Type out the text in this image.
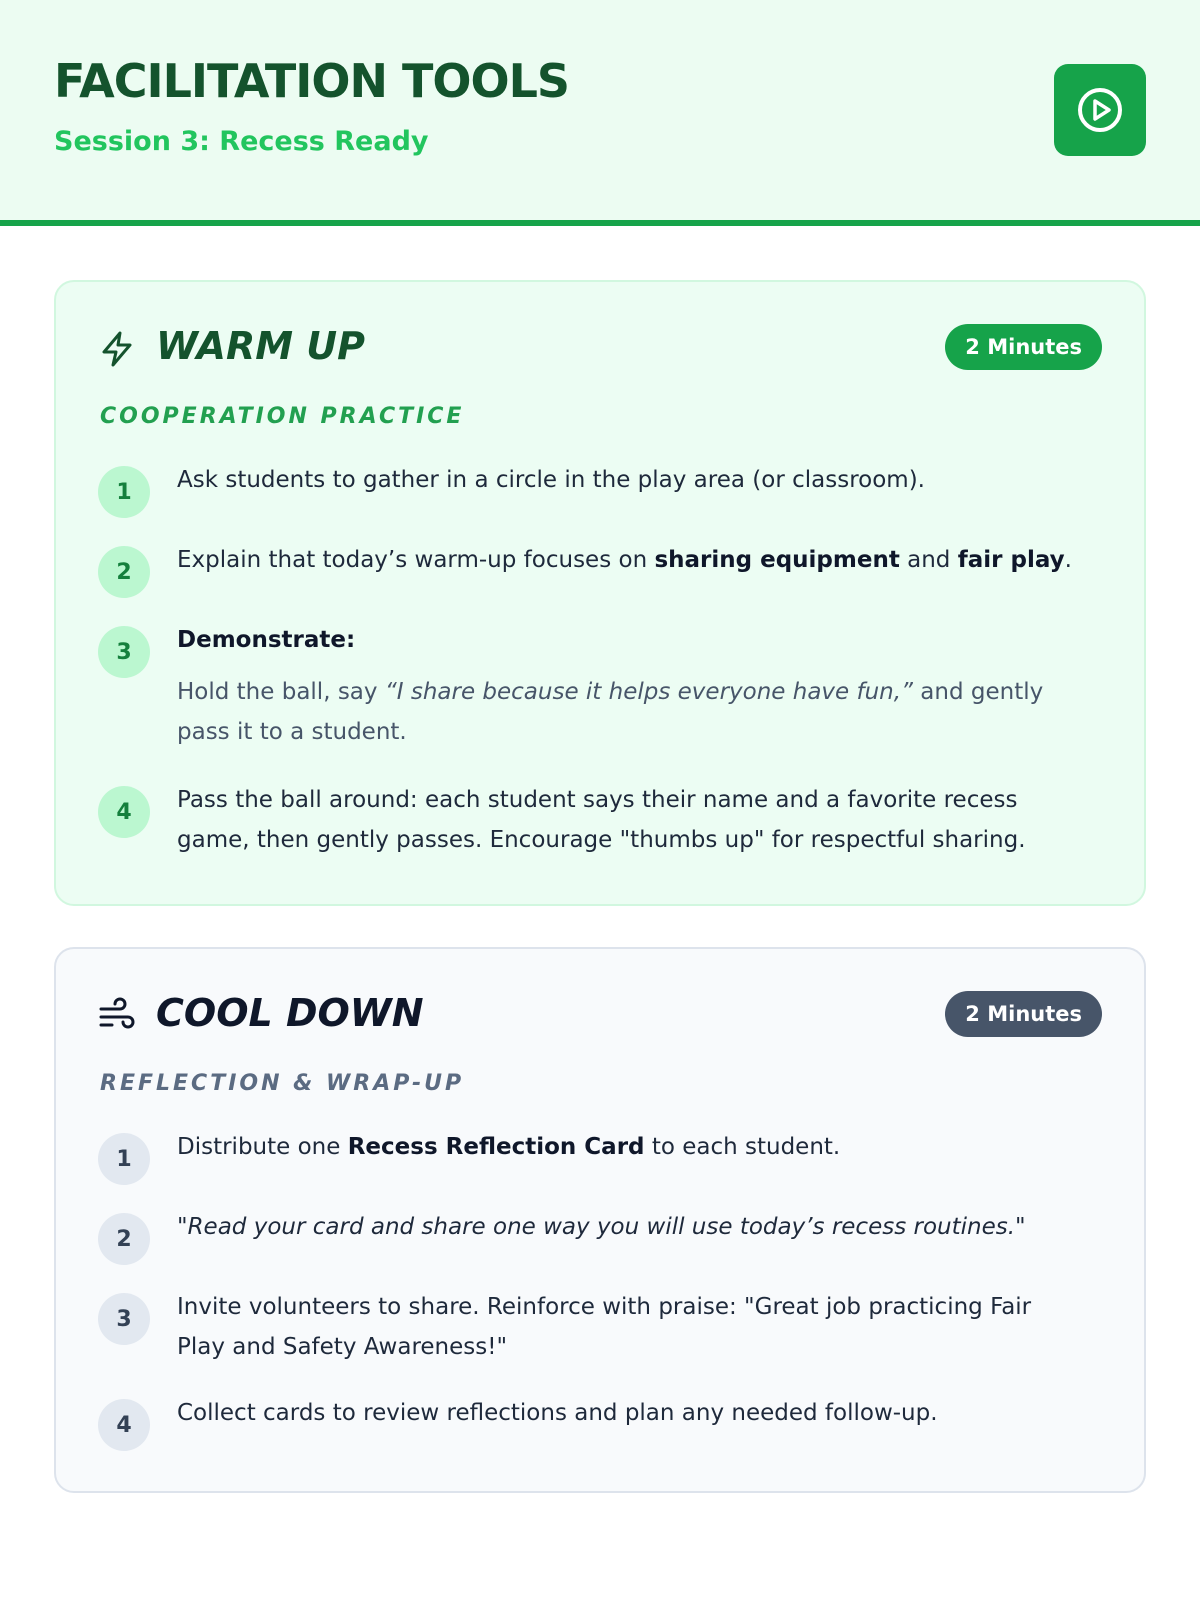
FACILITATION TOOLS
Session 3: Recess Ready
WARM UP	2 Minutes
COOPERATION PRACTICE
1	Ask students to gather in a circle in the play area (or classroom).
2	Explain that today’s warm-up focuses on sharing equipment and fair play.
3	Demonstrate:
Hold the ball, say “I share because it helps everyone have fun,” and gently pass it to a student.
4	Pass the ball around: each student says their name and a favorite recess game, then gently passes. Encourage "thumbs up" for respectful sharing.
COOL DOWN	2 Minutes
REFLECTION & WRAP-UP
1	Distribute one Recess Reflection Card to each student.
2	"Read your card and share one way you will use today’s recess routines."
3	Invite volunteers to share. Reinforce with praise: "Great job practicing Fair Play and Safety Awareness!"
4	Collect cards to review reflections and plan any needed follow-up.
